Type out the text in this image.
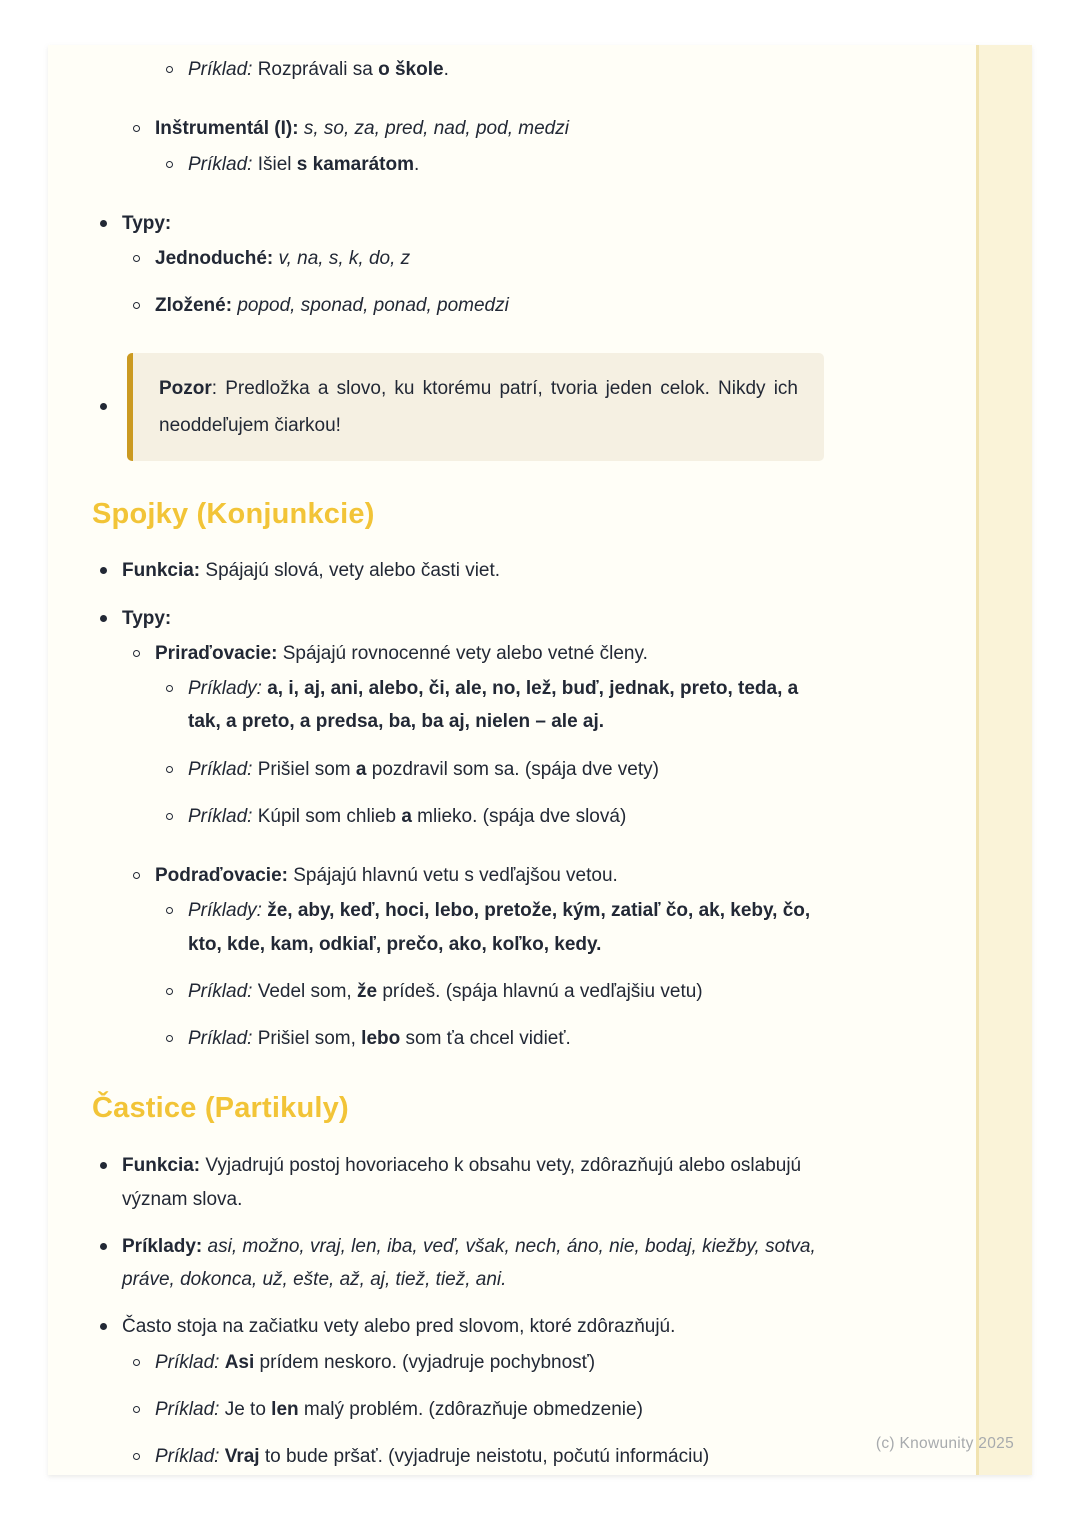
Príklad: Rozprávali sa o škole.
Inštrumentál (I): s, so, za, pred, nad, pod, medzi
Príklad: Išiel s kamarátom.
Typy:
Jednoduché: v, na, s, k, do, z
Zložené: popod, sponad, ponad, pomedzi

Pozor: Predložka a slovo, ku ktorému patrí, tvoria jeden celok. Nikdy ich neoddeľujem čiarkou!

Spojky (Konjunkcie)
Funkcia: Spájajú slová, vety alebo časti viet.
Typy:
Priraďovacie: Spájajú rovnocenné vety alebo vetné členy.
Príklady: a, i, aj, ani, alebo, či, ale, no, lež, buď, jednak, preto, teda, a tak, a preto, a predsa, ba, ba aj, nielen – ale aj.
Príklad: Prišiel som a pozdravil som sa. (spája dve vety)
Príklad: Kúpil som chlieb a mlieko. (spája dve slová)
Podraďovacie: Spájajú hlavnú vetu s vedľajšou vetou.
Príklady: že, aby, keď, hoci, lebo, pretože, kým, zatiaľ čo, ak, keby, čo, kto, kde, kam, odkiaľ, prečo, ako, koľko, kedy.
Príklad: Vedel som, že prídeš. (spája hlavnú a vedľajšiu vetu)
Príklad: Prišiel som, lebo som ťa chcel vidieť.
Častice (Partikuly)
Funkcia: Vyjadrujú postoj hovoriaceho k obsahu vety, zdôrazňujú alebo oslabujú význam slova.
Príklady: asi, možno, vraj, len, iba, veď, však, nech, áno, nie, bodaj, kiežby, sotva, práve, dokonca, už, ešte, až, aj, tiež, tiež, ani.
Často stoja na začiatku vety alebo pred slovom, ktoré zdôrazňujú.
Príklad: Asi prídem neskoro. (vyjadruje pochybnosť)
Príklad: Je to len malý problém. (zdôrazňuje obmedzenie)
Príklad: Vraj to bude pršať. (vyjadruje neistotu, počutú informáciu)
(c) Knowunity 2025
